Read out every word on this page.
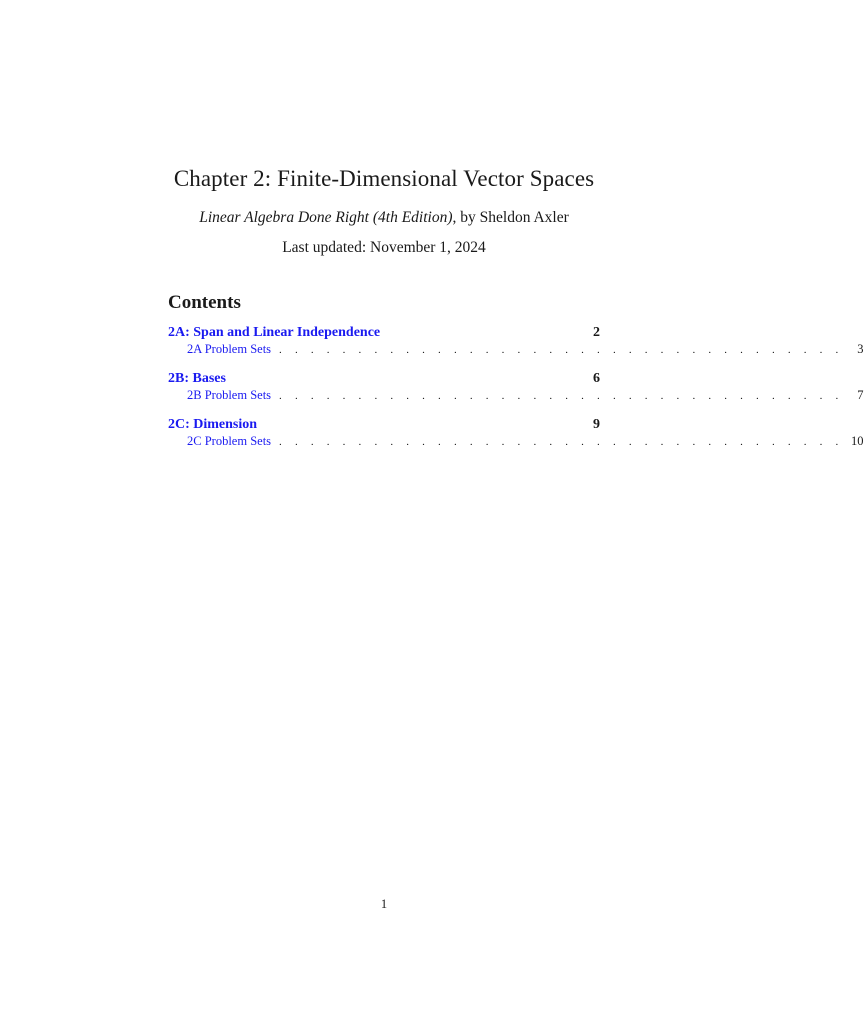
Chapter 2: Finite-Dimensional Vector Spaces
Linear Algebra Done Right (4th Edition), by Sheldon Axler
Last updated: November 1, 2024
Contents
2A: Span and Linear Independence	2
2A Problem Sets . . . . . . . . . . . . . . . . . . . . . . . . . . . . . . . . . . . .	3
2B: Bases	6
2B Problem Sets . . . . . . . . . . . . . . . . . . . . . . . . . . . . . . . . . . . .	7
2C: Dimension	9
2C Problem Sets . . . . . . . . . . . . . . . . . . . . . . . . . . . . . . . . . . . . 10
1
